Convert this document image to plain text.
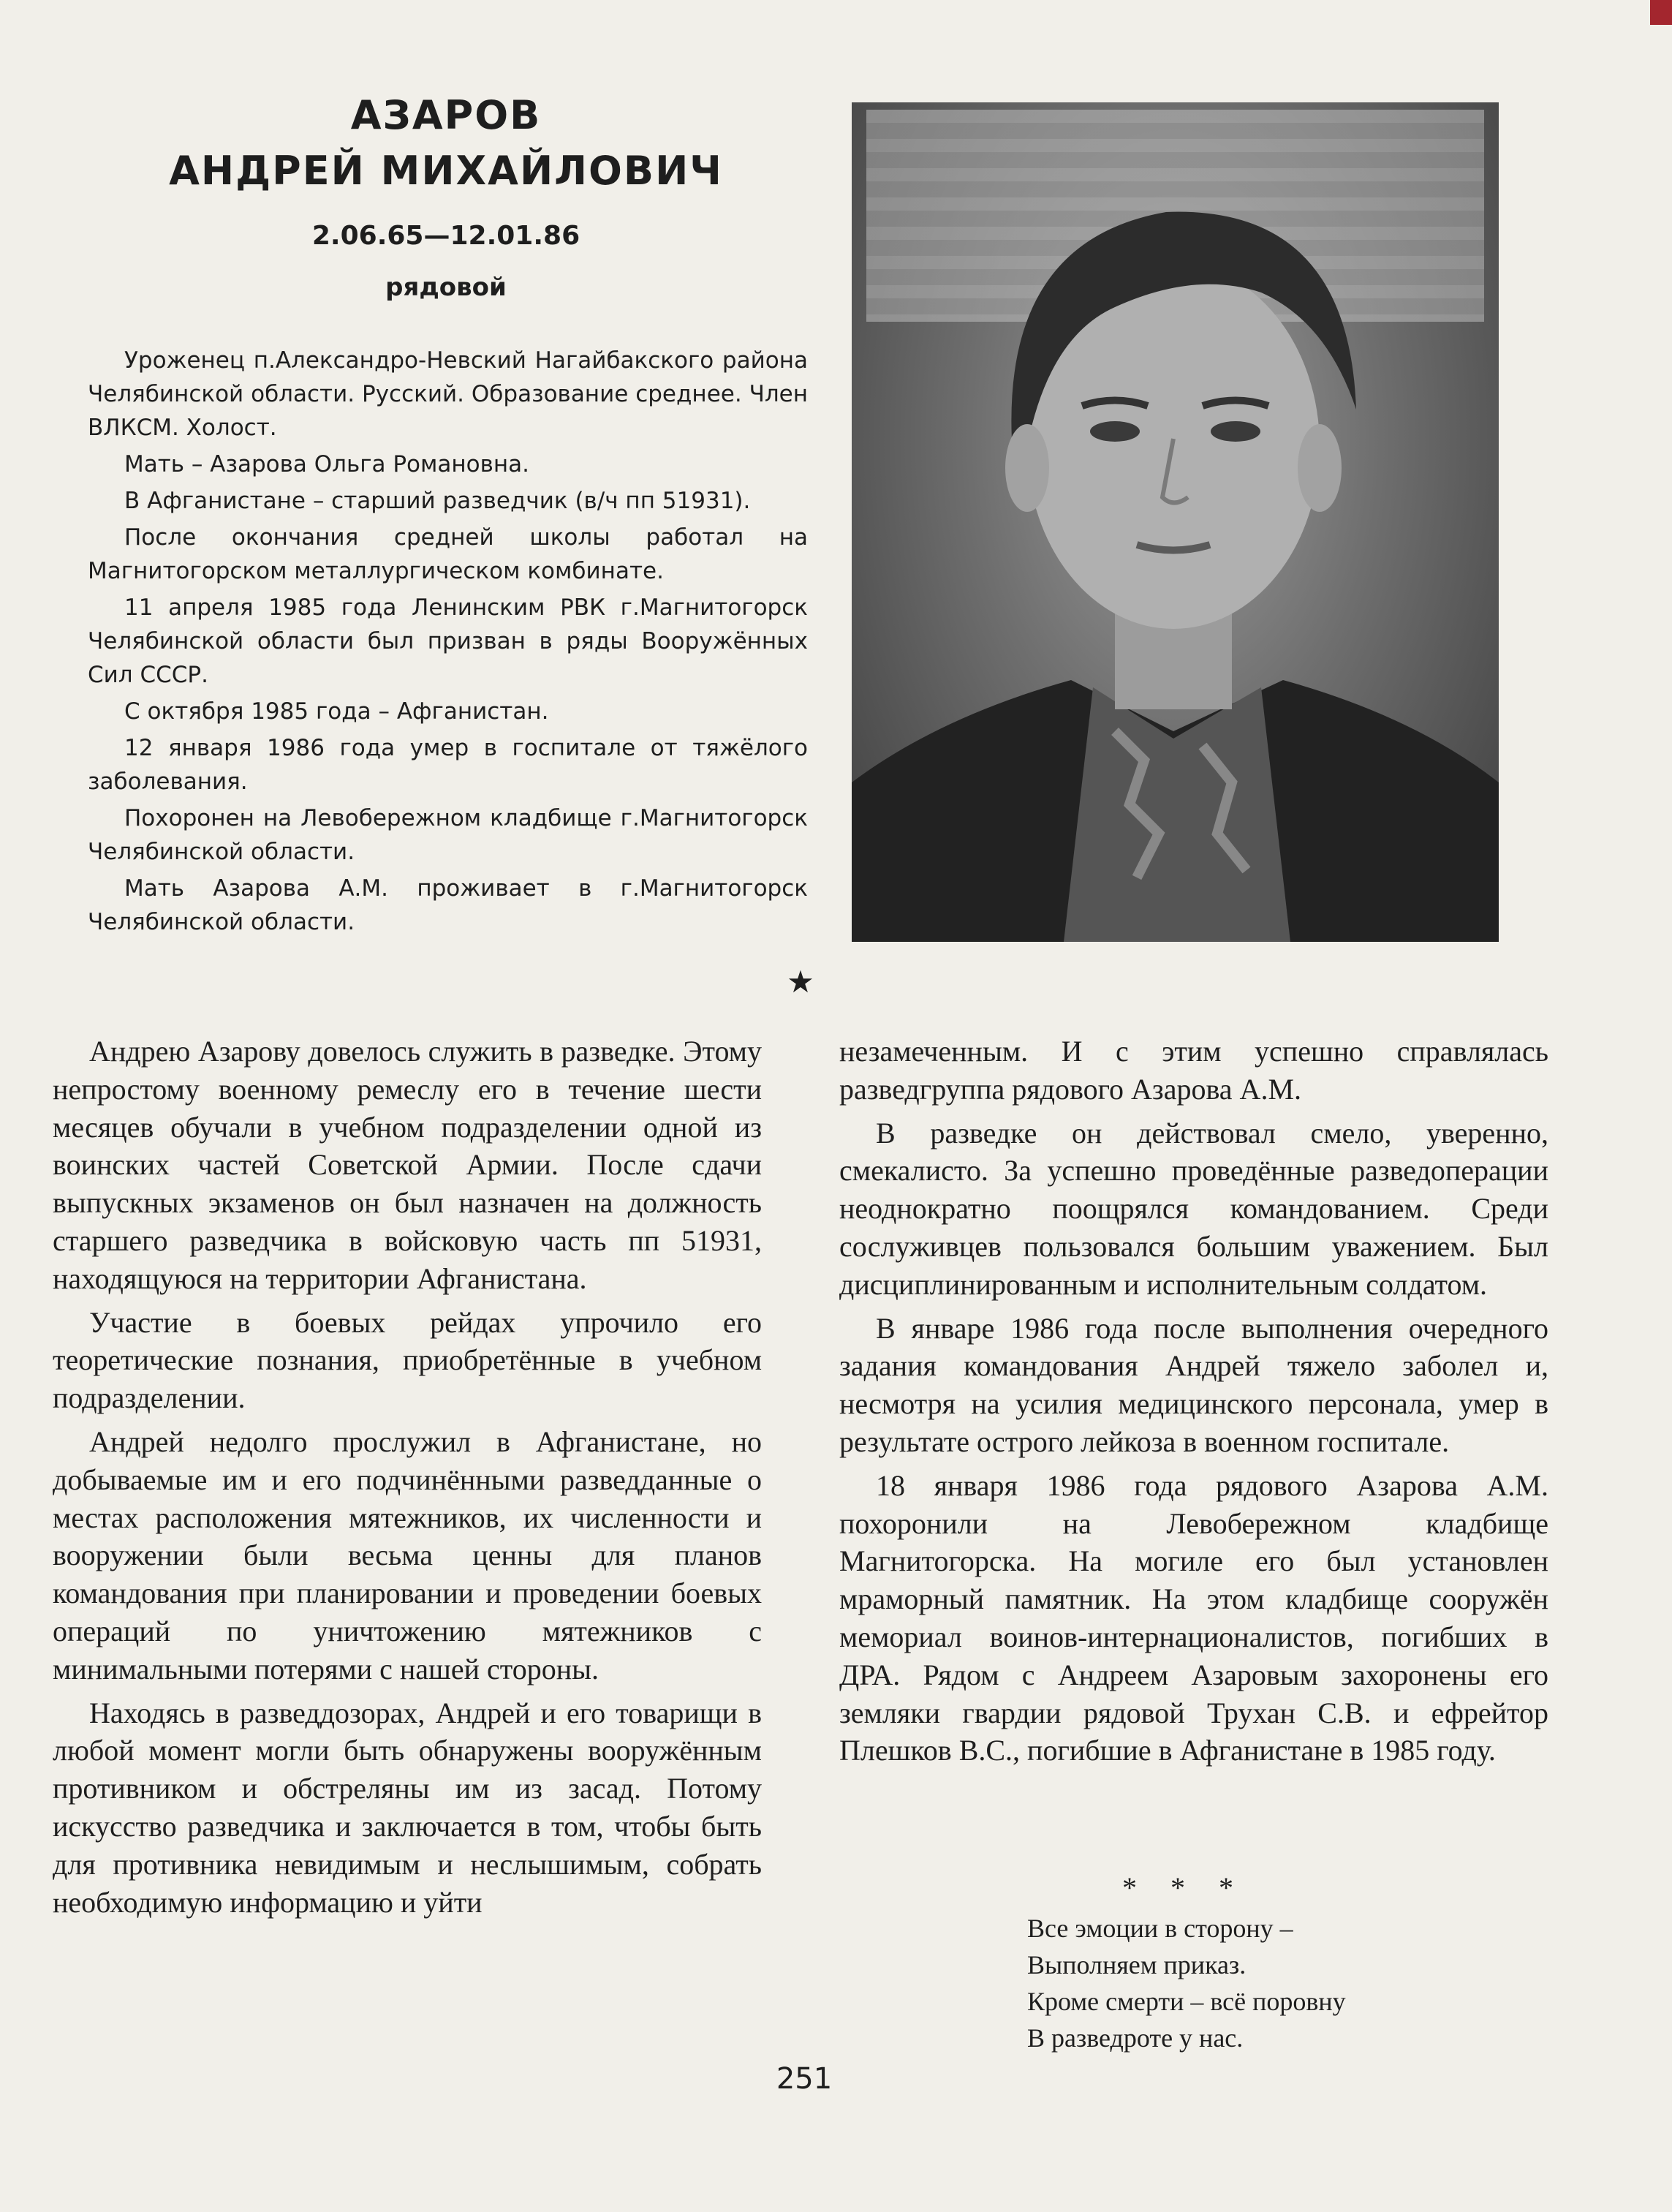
АЗАРОВ
АНДРЕЙ МИХАЙЛОВИЧ
2.06.65—12.01.86
рядовой

Уроженец п.Александро-Невский Нагайбакского района Челябинской области. Русский. Образование среднее. Член ВЛКСМ. Холост.

Мать – Азарова Ольга Романовна.

В Афганистане – старший разведчик (в/ч пп 51931).

После окончания средней школы работал на Магнитогорском металлургическом комбинате.

11 апреля 1985 года Ленинским РВК г.Магнитогорск Челябинской области был призван в ряды Вооружённых Сил СССР.

С октября 1985 года – Афганистан.

12 января 1986 года умер в госпитале от тяжёлого заболевания.

Похоронен на Левобережном кладбище г.Магнитогорск Челябинской области.

Мать Азарова А.М. проживает в г.Магнитогорск Челябинской области.

★

Андрею Азарову довелось служить в разведке. Этому непростому военному ремеслу его в течение шести месяцев обучали в учебном подразделении одной из воинских частей Советской Армии. После сдачи выпускных экзаменов он был назначен на должность старшего разведчика в войсковую часть пп 51931, находящуюся на территории Афганистана.

Участие в боевых рейдах упрочило его теоретические познания, приобретённые в учебном подразделении.

Андрей недолго прослужил в Афганистане, но добываемые им и его подчинёнными разведданные о местах расположения мятежников, их численности и вооружении были весьма ценны для планов командования при планировании и проведении боевых операций по уничтожению мятежников с минимальными потерями с нашей стороны.

Находясь в разведдозорах, Андрей и его товарищи в любой момент могли быть обнаружены вооружённым противником и обстреляны им из засад. Потому искусство разведчика и заключается в том, чтобы быть для противника невидимым и неслышимым, собрать необходимую информацию и уйти

незамеченным. И с этим успешно справлялась разведгруппа рядового Азарова А.М.

В разведке он действовал смело, уверенно, смекалисто. За успешно проведённые разведоперации неоднократно поощрялся командованием. Среди сослуживцев пользовался большим уважением. Был дисциплинированным и исполнительным солдатом.

В январе 1986 года после выполнения очередного задания командования Андрей тяжело заболел и, несмотря на усилия медицинского персонала, умер в результате острого лейкоза в военном госпитале.

18 января 1986 года рядового Азарова А.М. похоронили на Левобережном кладбище Магнитогорска. На могиле его был установлен мраморный памятник. На этом кладбище сооружён мемориал воинов-интернационалистов, погибших в ДРА. Рядом с Андреем Азаровым захоронены его земляки гвардии рядовой Трухан С.В. и ефрейтор Плешков В.С., погибшие в Афганистане в 1985 году.

* * *
Все эмоции в сторону –
Выполняем приказ.
Кроме смерти – всё поровну
В разведроте у нас.
251
